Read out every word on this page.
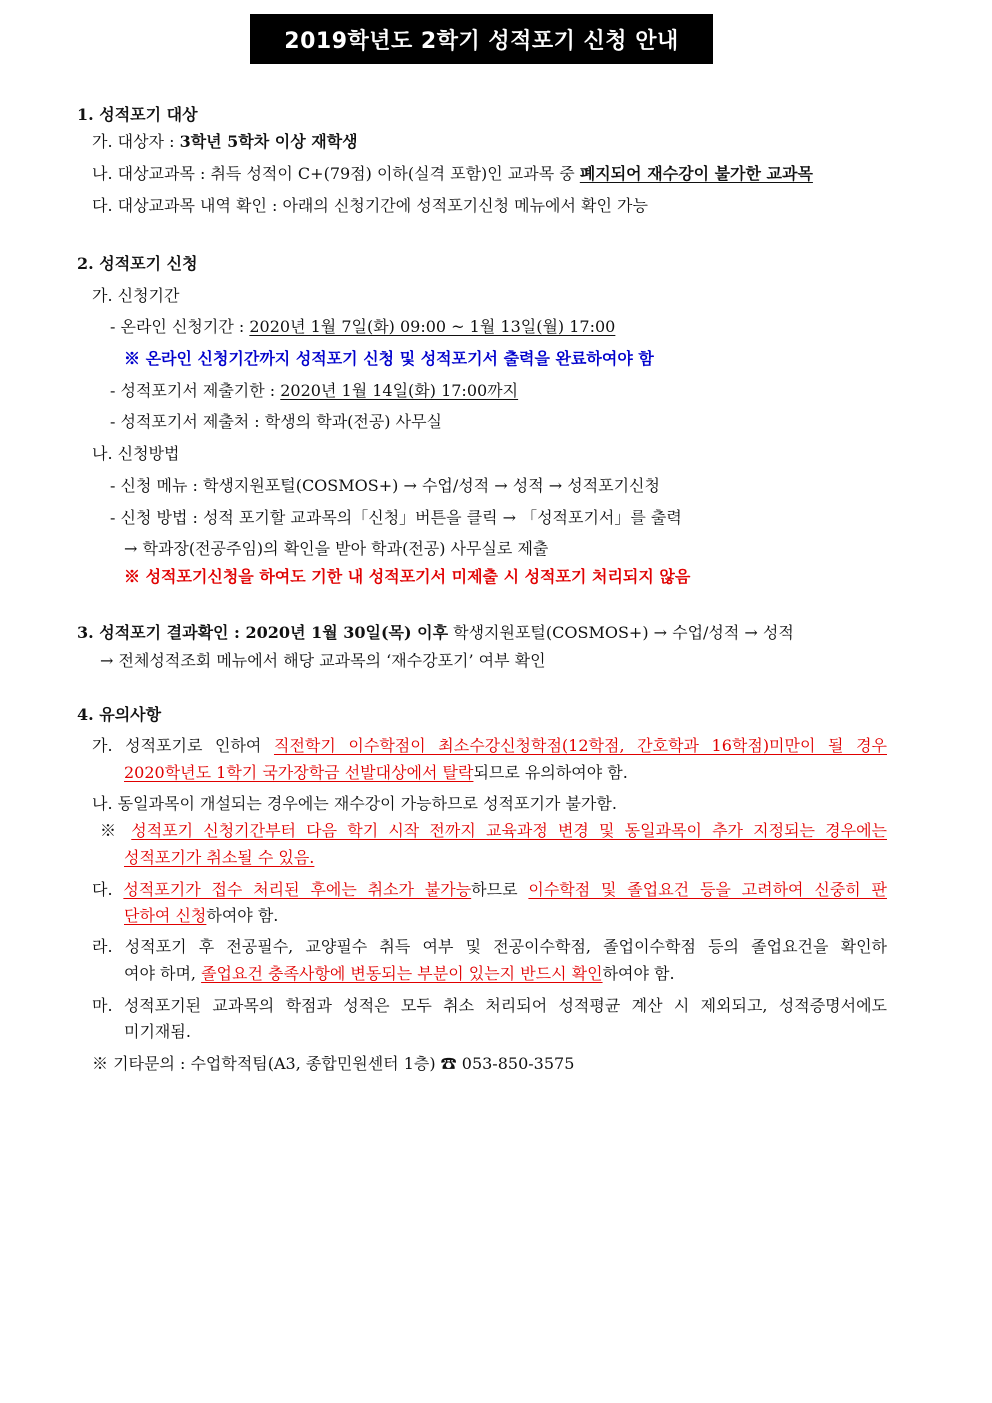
2019학년도 2학기 성적포기 신청 안내
1. 성적포기 대상
가. 대상자 : 3학년 5학차 이상 재학생
나. 대상교과목 : 취득 성적이 C+(79점) 이하(실격 포함)인 교과목 중 폐지되어 재수강이 불가한 교과목
다. 대상교과목 내역 확인 : 아래의 신청기간에 성적포기신청 메뉴에서 확인 가능
2. 성적포기 신청
가. 신청기간
- 온라인 신청기간 : 2020년 1월 7일(화) 09:00 ~ 1월 13일(월) 17:00
※ 온라인 신청기간까지 성적포기 신청 및 성적포기서 출력을 완료하여야 함
- 성적포기서 제출기한 : 2020년 1월 14일(화) 17:00까지
- 성적포기서 제출처 : 학생의 학과(전공) 사무실
나. 신청방법
- 신청 메뉴 : 학생지원포털(COSMOS+) → 수업/성적 → 성적 → 성적포기신청
- 신청 방법 : 성적 포기할 교과목의「신청」버튼을 클릭 → 「성적포기서」를 출력
→ 학과장(전공주임)의 확인을 받아 학과(전공) 사무실로 제출
※ 성적포기신청을 하여도 기한 내 성적포기서 미제출 시 성적포기 처리되지 않음
3. 성적포기 결과확인 : 2020년 1월 30일(목) 이후 학생지원포털(COSMOS+) → 수업/성적 → 성적
→ 전체성적조회 메뉴에서 해당 교과목의 ‘재수강포기’ 여부 확인
4. 유의사항
가. 성적포기로 인하여 직전학기 이수학점이 최소수강신청학점(12학점, 간호학과 16학점)미만이 될 경우
2020학년도 1학기 국가장학금 선발대상에서 탈락되므로 유의하여야 함.
나. 동일과목이 개설되는 경우에는 재수강이 가능하므로 성적포기가 불가함.
※ 성적포기 신청기간부터 다음 학기 시작 전까지 교육과정 변경 및 동일과목이 추가 지정되는 경우에는
성적포기가 취소될 수 있음.
다. 성적포기가 접수 처리된 후에는 취소가 불가능하므로 이수학점 및 졸업요건 등을 고려하여 신중히 판
단하여 신청하여야 함.
라. 성적포기 후 전공필수, 교양필수 취득 여부 및 전공이수학점, 졸업이수학점 등의 졸업요건을 확인하
여야 하며, 졸업요건 충족사항에 변동되는 부분이 있는지 반드시 확인하여야 함.
마. 성적포기된 교과목의 학점과 성적은 모두 취소 처리되어 성적평균 계산 시 제외되고, 성적증명서에도
미기재됨.
※ 기타문의 : 수업학적팀(A3, 종합민원센터 1층) ☎ 053-850-3575
